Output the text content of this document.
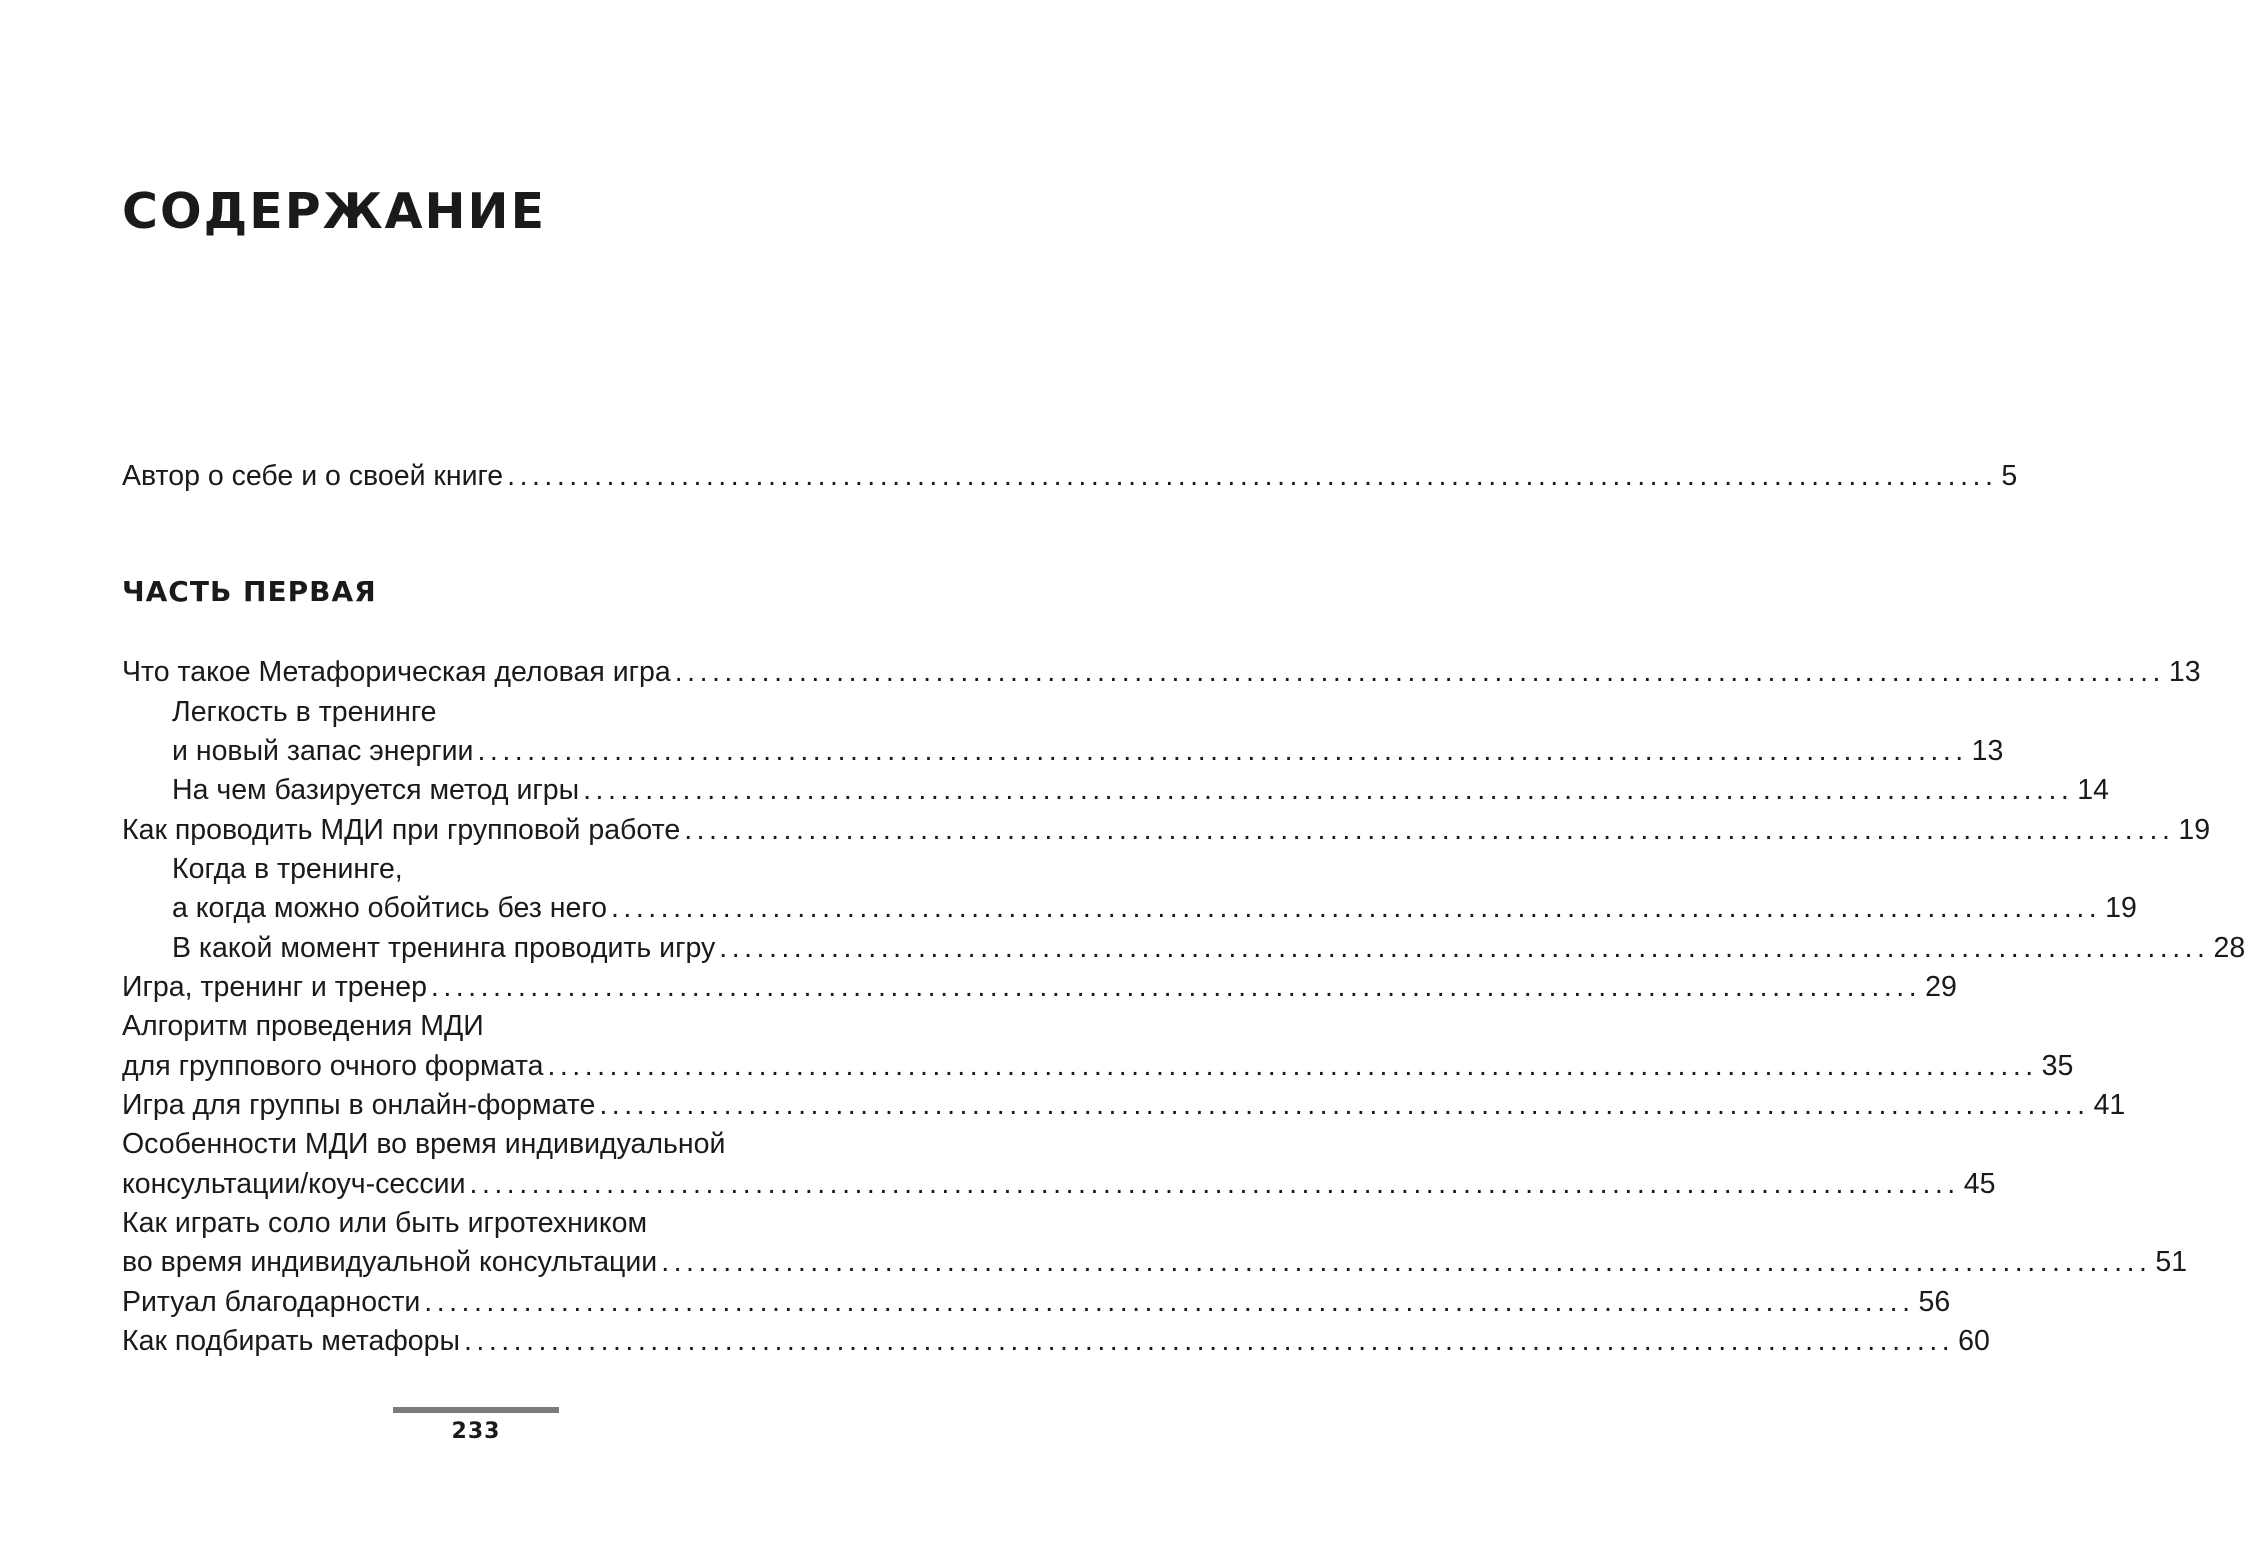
СОДЕРЖАНИЕ
Автор о себе и о своей книге ........................................................................................................................ 5
ЧАСТЬ ПЕРВАЯ
Что такое Метафорическая деловая игра ........................................................................................................................ 13
Легкость в тренинге
и новый запас энергии ........................................................................................................................ 13
На чем базируется метод игры ........................................................................................................................ 14
Как проводить МДИ при групповой работе ........................................................................................................................ 19
Когда в тренинге,
а когда можно обойтись без него ........................................................................................................................ 19
В какой момент тренинга проводить игру ........................................................................................................................ 28
Игра, тренинг и тренер ........................................................................................................................ 29
Алгоритм проведения МДИ
для группового очного формата ........................................................................................................................ 35
Игра для группы в онлайн-формате ........................................................................................................................ 41
Особенности МДИ во время индивидуальной
консультации/коуч-сессии ........................................................................................................................ 45
Как играть соло или быть игротехником
во время индивидуальной консультации ........................................................................................................................ 51
Ритуал благодарности ........................................................................................................................ 56
Как подбирать метафоры ........................................................................................................................ 60
233
